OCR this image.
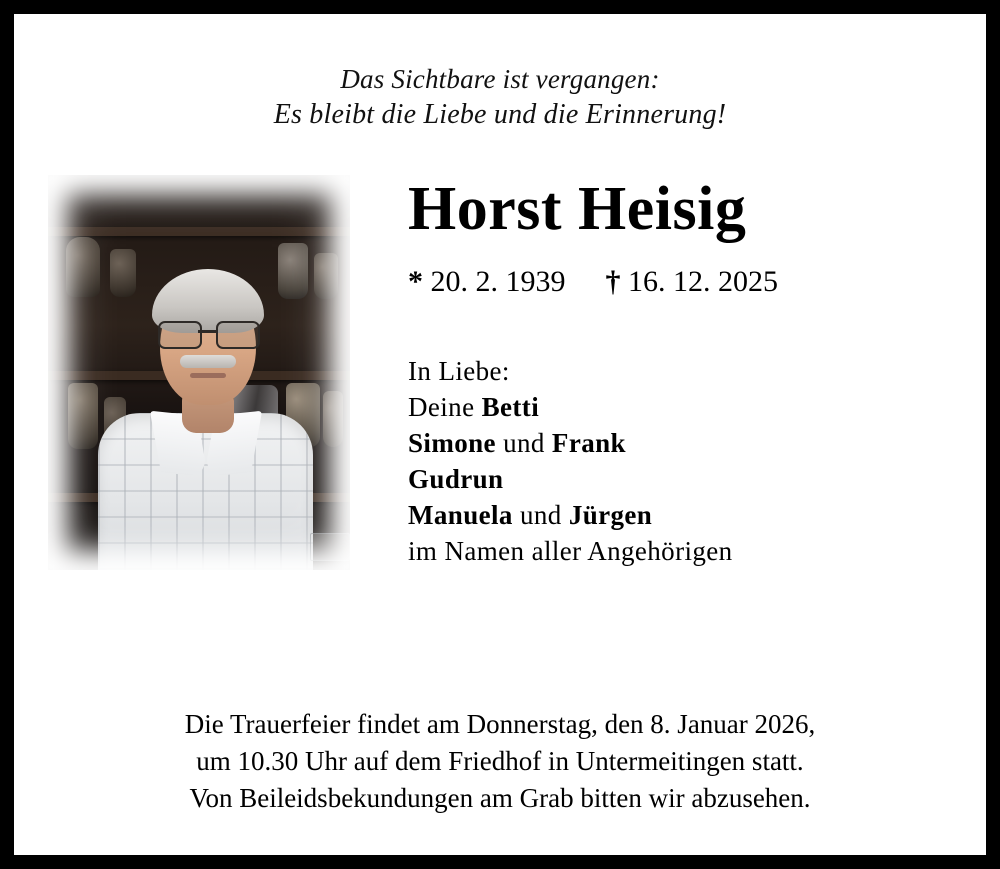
Das Sichtbare ist vergangen:
Es bleibt die Liebe und die Erinnerung!
Horst Heisig
* 20. 2. 1939 † 16. 12. 2025
In Liebe:
Deine Betti
Simone und Frank
Gudrun
Manuela und Jürgen
im Namen aller Angehörigen
Die Trauerfeier findet am Donnerstag, den 8. Januar 2026,
um 10.30 Uhr auf dem Friedhof in Untermeitingen statt.
Von Beileidsbekundungen am Grab bitten wir abzusehen.
